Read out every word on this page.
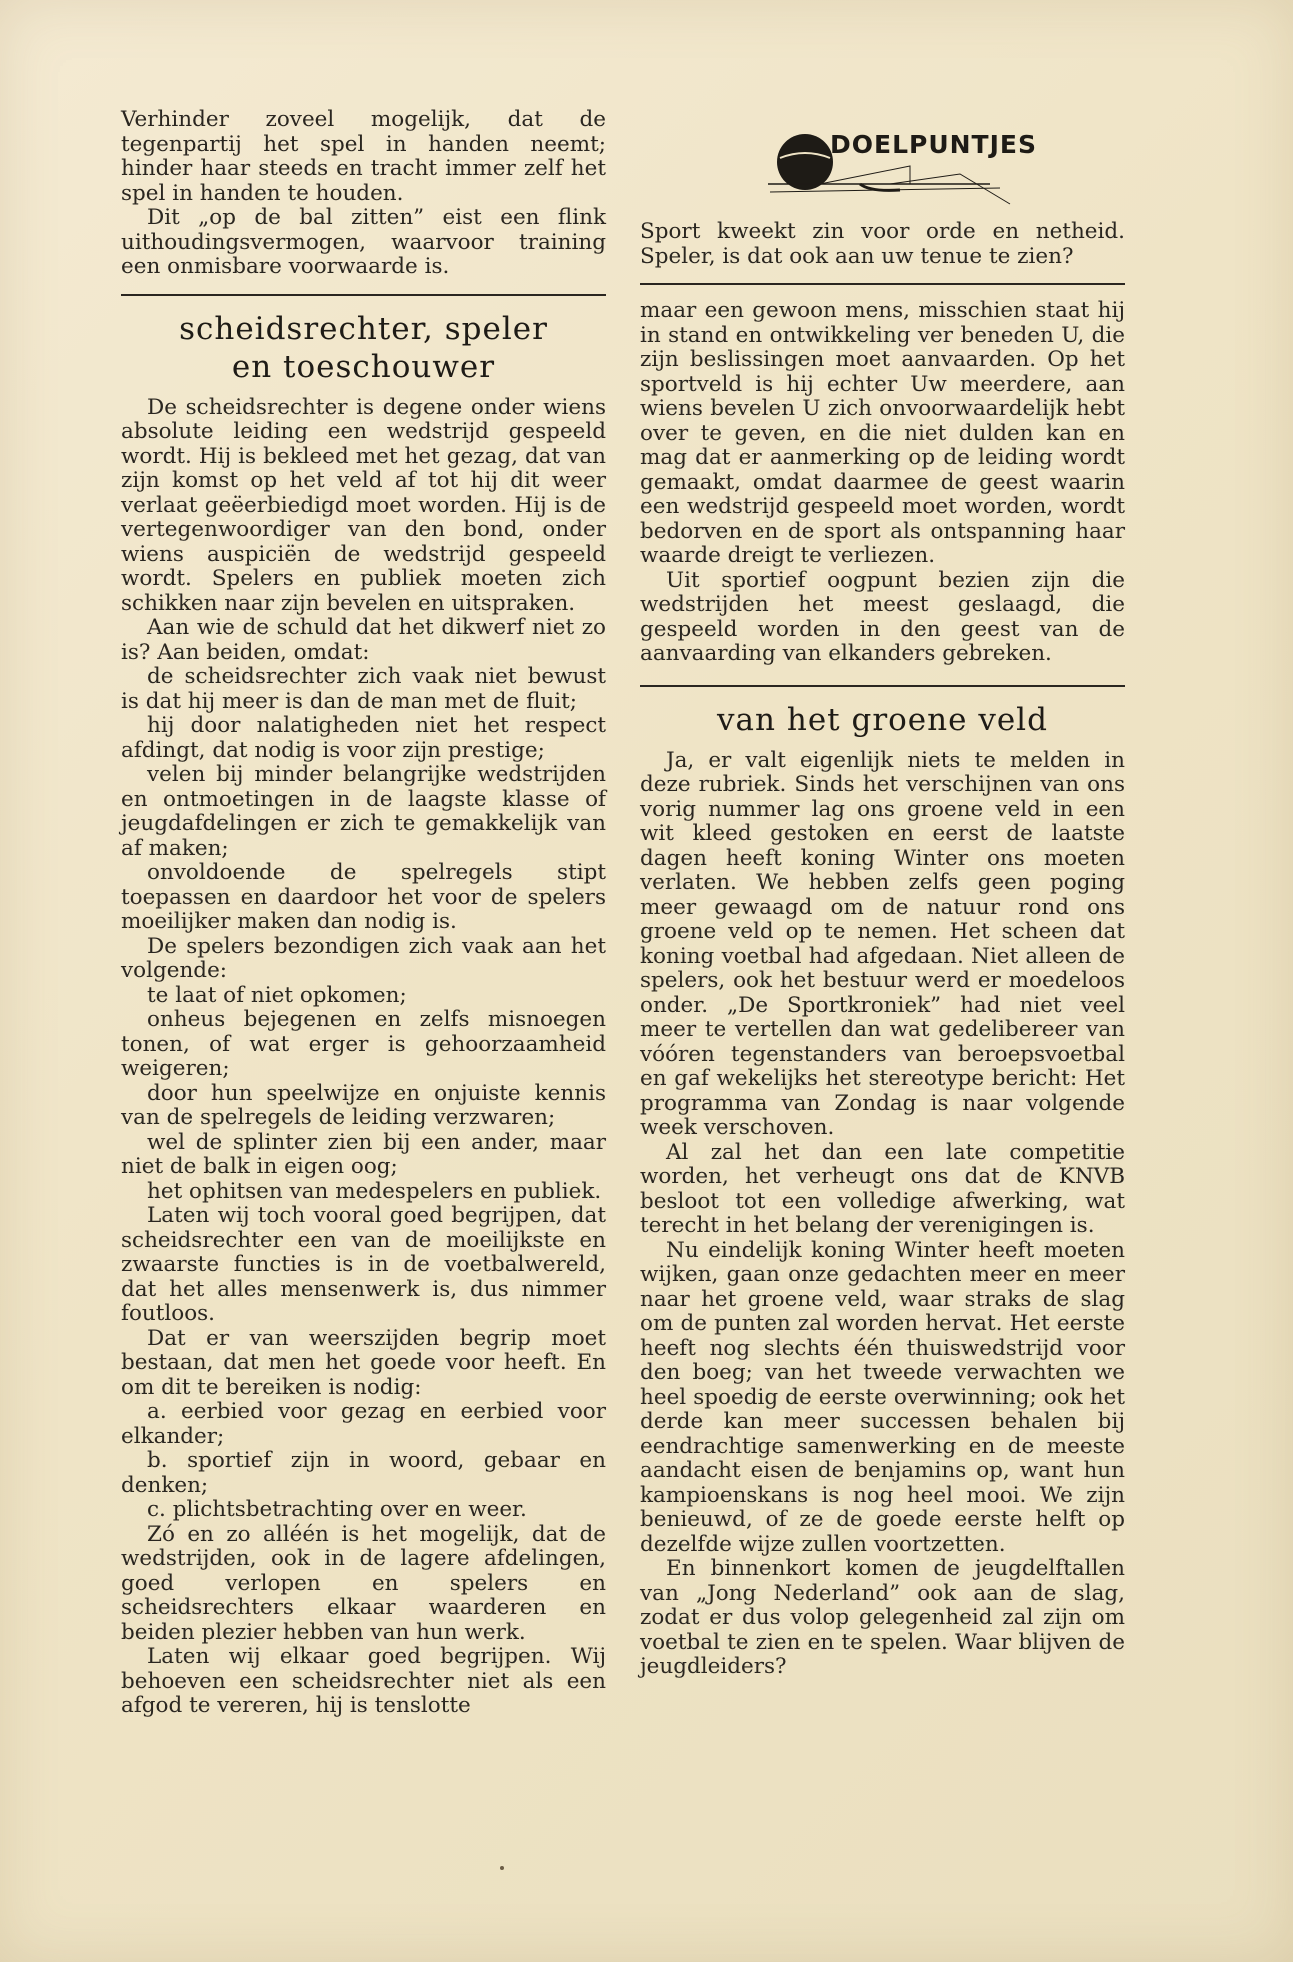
Verhinder zoveel mogelijk, dat de tegenpartij het spel in handen neemt; hinder haar steeds en tracht immer zelf het spel in handen te houden.

Dit „op de bal zitten” eist een flink uithoudingsvermogen, waarvoor training een onmisbare voorwaarde is.

scheidsrechter, speler
en toeschouwer

De scheidsrechter is degene onder wiens absolute leiding een wedstrijd gespeeld wordt. Hij is bekleed met het gezag, dat van zijn komst op het veld af tot hij dit weer verlaat geëerbiedigd moet worden. Hij is de vertegenwoordiger van den bond, onder wiens auspiciën de wedstrijd gespeeld wordt. Spelers en publiek moeten zich schikken naar zijn bevelen en uitspraken.

Aan wie de schuld dat het dikwerf niet zo is? Aan beiden, omdat:

de scheidsrechter zich vaak niet bewust is dat hij meer is dan de man met de fluit;

hij door nalatigheden niet het respect afdingt, dat nodig is voor zijn prestige;

velen bij minder belangrijke wedstrijden en ontmoetingen in de laagste klasse of jeugdafdelingen er zich te gemakkelijk van af maken;

onvoldoende de spelregels stipt toepassen en daardoor het voor de spelers moeilijker maken dan nodig is.

De spelers bezondigen zich vaak aan het volgende:

te laat of niet opkomen;

onheus bejegenen en zelfs misnoegen tonen, of wat erger is gehoorzaamheid weigeren;

door hun speelwijze en onjuiste kennis van de spelregels de leiding verzwaren;

wel de splinter zien bij een ander, maar niet de balk in eigen oog;

het ophitsen van medespelers en publiek.

Laten wij toch vooral goed begrijpen, dat scheidsrechter een van de moeilijkste en zwaarste functies is in de voetbalwereld, dat het alles mensenwerk is, dus nimmer foutloos.

Dat er van weerszijden begrip moet bestaan, dat men het goede voor heeft. En om dit te bereiken is nodig:

a. eerbied voor gezag en eerbied voor elkander;

b. sportief zijn in woord, gebaar en denken;

c. plichtsbetrachting over en weer.

Zó en zo alléén is het mogelijk, dat de wedstrijden, ook in de lagere afdelingen, goed verlopen en spelers en scheidsrechters elkaar waarderen en beiden plezier hebben van hun werk.

Laten wij elkaar goed begrijpen. Wij behoeven een scheidsrechter niet als een afgod te vereren, hij is tenslotte

DOELPUNTJES

Sport kweekt zin voor orde en netheid. Speler, is dat ook aan uw tenue te zien?

maar een gewoon mens, misschien staat hij in stand en ontwikkeling ver beneden U, die zijn beslissingen moet aanvaarden. Op het sportveld is hij echter Uw meerdere, aan wiens bevelen U zich onvoorwaardelijk hebt over te geven, en die niet dulden kan en mag dat er aanmerking op de leiding wordt gemaakt, omdat daarmee de geest waarin een wedstrijd gespeeld moet worden, wordt bedorven en de sport als ontspanning haar waarde dreigt te verliezen.

Uit sportief oogpunt bezien zijn die wedstrijden het meest geslaagd, die gespeeld worden in den geest van de aanvaarding van elkanders gebreken.

van het groene veld

Ja, er valt eigenlijk niets te melden in deze rubriek. Sinds het verschijnen van ons vorig nummer lag ons groene veld in een wit kleed gestoken en eerst de laatste dagen heeft koning Winter ons moeten verlaten. We hebben zelfs geen poging meer gewaagd om de natuur rond ons groene veld op te nemen. Het scheen dat koning voetbal had afgedaan. Niet alleen de spelers, ook het bestuur werd er moedeloos onder. „De Sportkroniek” had niet veel meer te vertellen dan wat gedelibereer van vóóren tegenstanders van beroepsvoetbal en gaf wekelijks het stereotype bericht: Het programma van Zondag is naar volgende week verschoven.

Al zal het dan een late competitie worden, het verheugt ons dat de KNVB besloot tot een volledige afwerking, wat terecht in het belang der verenigingen is.

Nu eindelijk koning Winter heeft moeten wijken, gaan onze gedachten meer en meer naar het groene veld, waar straks de slag om de punten zal worden hervat. Het eerste heeft nog slechts één thuiswedstrijd voor den boeg; van het tweede verwachten we heel spoedig de eerste overwinning; ook het derde kan meer successen behalen bij eendrachtige samenwerking en de meeste aandacht eisen de benjamins op, want hun kampioenskans is nog heel mooi. We zijn benieuwd, of ze de goede eerste helft op dezelfde wijze zullen voortzetten.

En binnenkort komen de jeugdelftallen van „Jong Nederland” ook aan de slag, zodat er dus volop gelegenheid zal zijn om voetbal te zien en te spelen. Waar blijven de jeugdleiders?
